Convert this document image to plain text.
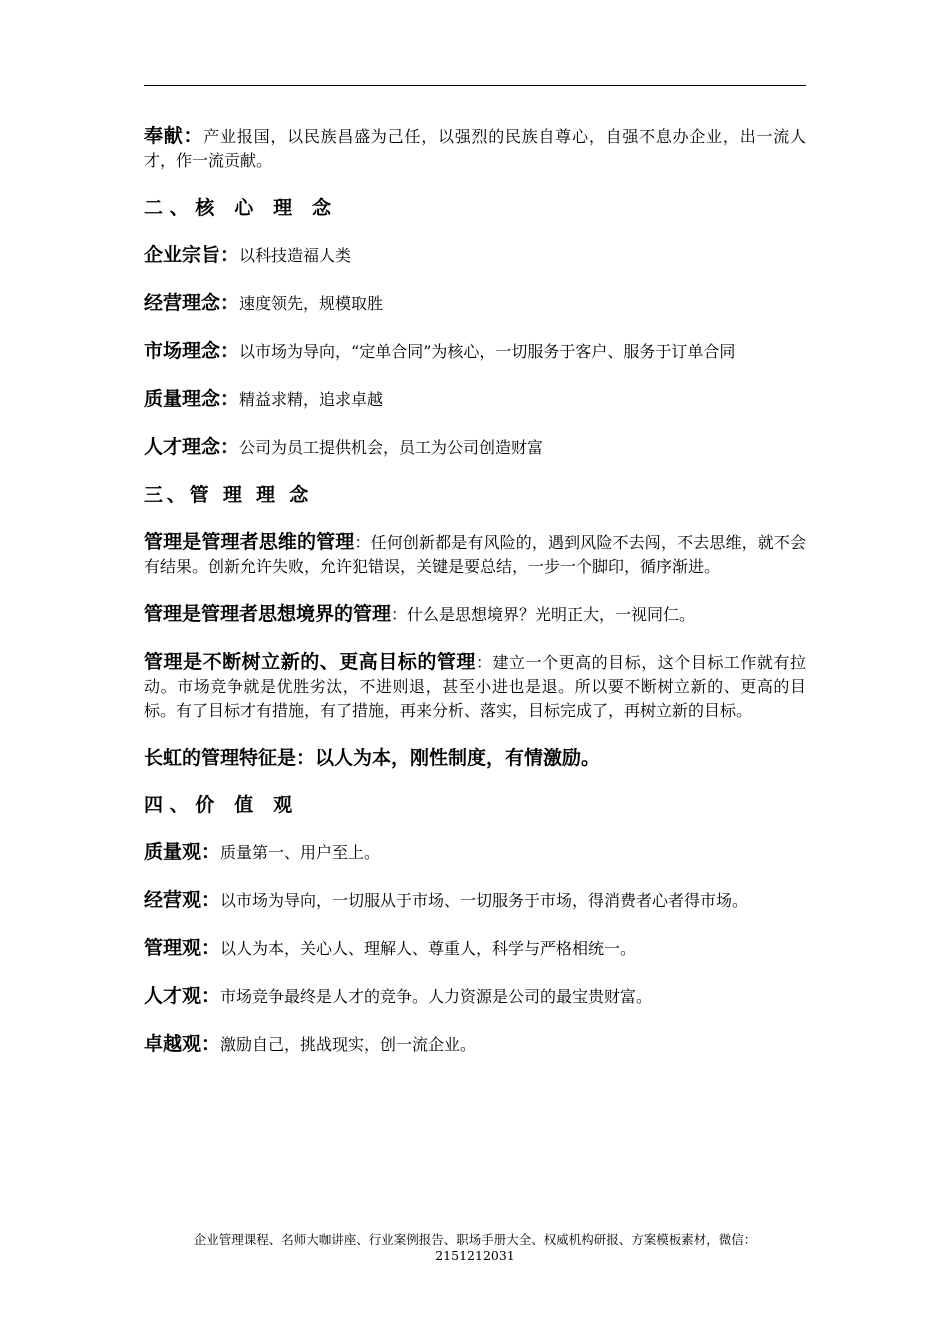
奉献：产业报国，以民族昌盛为己任，以强烈的民族自尊心，自强不息办企业，出一流人才，作一流贡献。

二、核 心 理 念

企业宗旨：以科技造福人类

经营理念：速度领先，规模取胜

市场理念：以市场为导向，“定单合同”为核心，一切服务于客户、服务于订单合同

质量理念：精益求精，追求卓越

人才理念：公司为员工提供机会，员工为公司创造财富

三、管 理 理 念

管理是管理者思维的管理：任何创新都是有风险的，遇到风险不去闯，不去思维，就不会有结果。创新允许失败，允许犯错误，关键是要总结，一步一个脚印，循序渐进。

管理是管理者思想境界的管理：什么是思想境界？光明正大，一视同仁。

管理是不断树立新的、更高目标的管理：建立一个更高的目标，这个目标工作就有拉动。市场竞争就是优胜劣汰，不进则退，甚至小进也是退。所以要不断树立新的、更高的目标。有了目标才有措施，有了措施，再来分析、落实，目标完成了，再树立新的目标。

长虹的管理特征是：以人为本，刚性制度，有情激励。

四、价 值 观

质量观：质量第一、用户至上。

经营观：以市场为导向，一切服从于市场、一切服务于市场，得消费者心者得市场。

管理观：以人为本，关心人、理解人、尊重人，科学与严格相统一。

人才观：市场竞争最终是人才的竞争。人力资源是公司的最宝贵财富。

卓越观：激励自己，挑战现实，创一流企业。

企业管理课程、名师大咖讲座、行业案例报告、职场手册大全、权威机构研报、方案模板素材，微信：
2151212031
